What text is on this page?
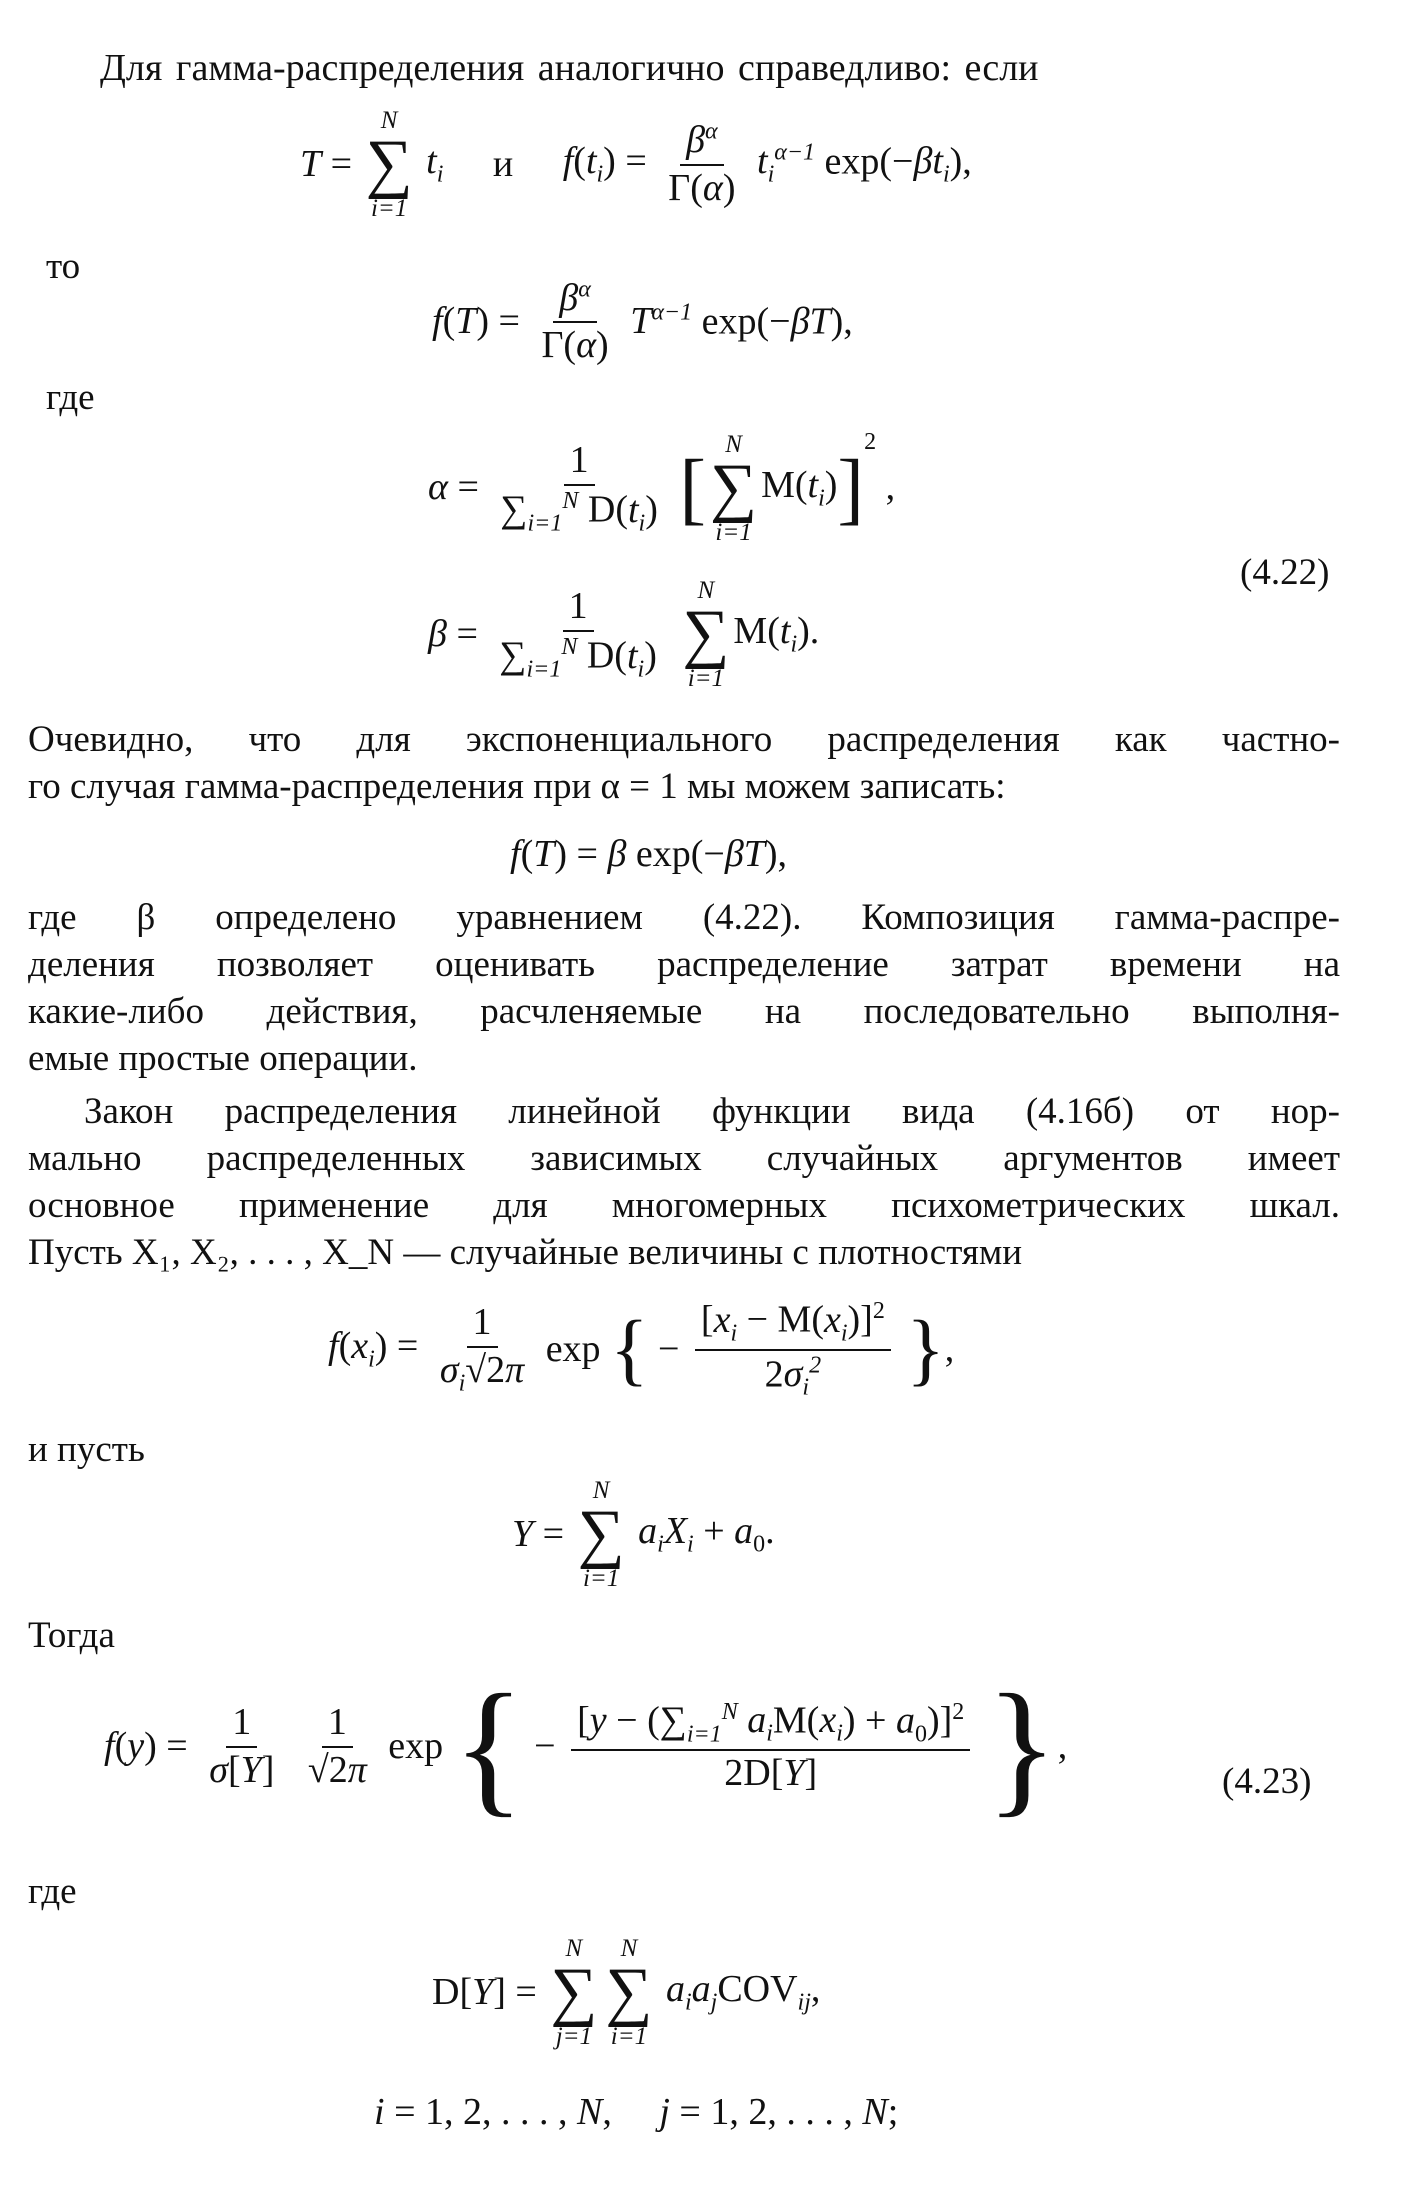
Для гамма-распределения аналогично справедливо: если
T =
N
∑
i=1
$t_i$ и $f(t_i) = \frac{\beta^\alpha}{\Gamma(\alpha)} t_i^{\alpha-1}$ $\exp(-\beta t_i)$,
то
$f(T) = \frac{\beta^\alpha}{\Gamma(\alpha)} T^{\alpha-1}$ exp(−βT),
где
$\alpha = \frac{1}{\sum_{i=1}^N D(t_i)}$ [ N
∑
i=1
$M(t_i)]^2$ ,
(4.22)
$\beta = \frac{1}{\sum_{i=1}^N D(t_i)}$
N
∑
i=1
$M(t_i)$.
Очевидно, что для экспоненциального распределения как частно-
го случая гамма-распределения при α = 1 мы можем записать:
f(T) = β exp(−βT),
где β определено уравнением (4.22). Композиция гамма-распре-
деления позволяет оценивать распределение затрат времени на
какие-либо действия, расчленяемые на последовательно выполня-
емые простые операции.
Закон распределения линейной функции вида (4.16б) от нор-
мально распределенных зависимых случайных аргументов имеет
основное применение для многомерных психометрических шкал.
Пусть X₁, X₂, . . . , X_N — случайные величины с плотностями
$f(x_i) = \frac{1}{\sigma_i√2\pi}$ exp { − $\frac{[x_i - M(x_i)]^2}{2\sigma_i^2}$ },
и пусть
Y =
N
∑
i=1
$a_iX_i + a_0$.
Тогда
$f(y) = \frac{1}{\sigma[Y]}$
$\frac{1}{√2\pi}$ exp { − $\frac{[y - (\sum_{i=1}^N a_iM(x_i) + a_0)]^2}{2D[Y]}$ },
(4.23)
где
D[Y] =
N
∑
j=1
N
∑
i=1
$a_ia_jCOV_{ij}$,
i = 1, 2, . . . , N,     j = 1, 2, . . . , N;
